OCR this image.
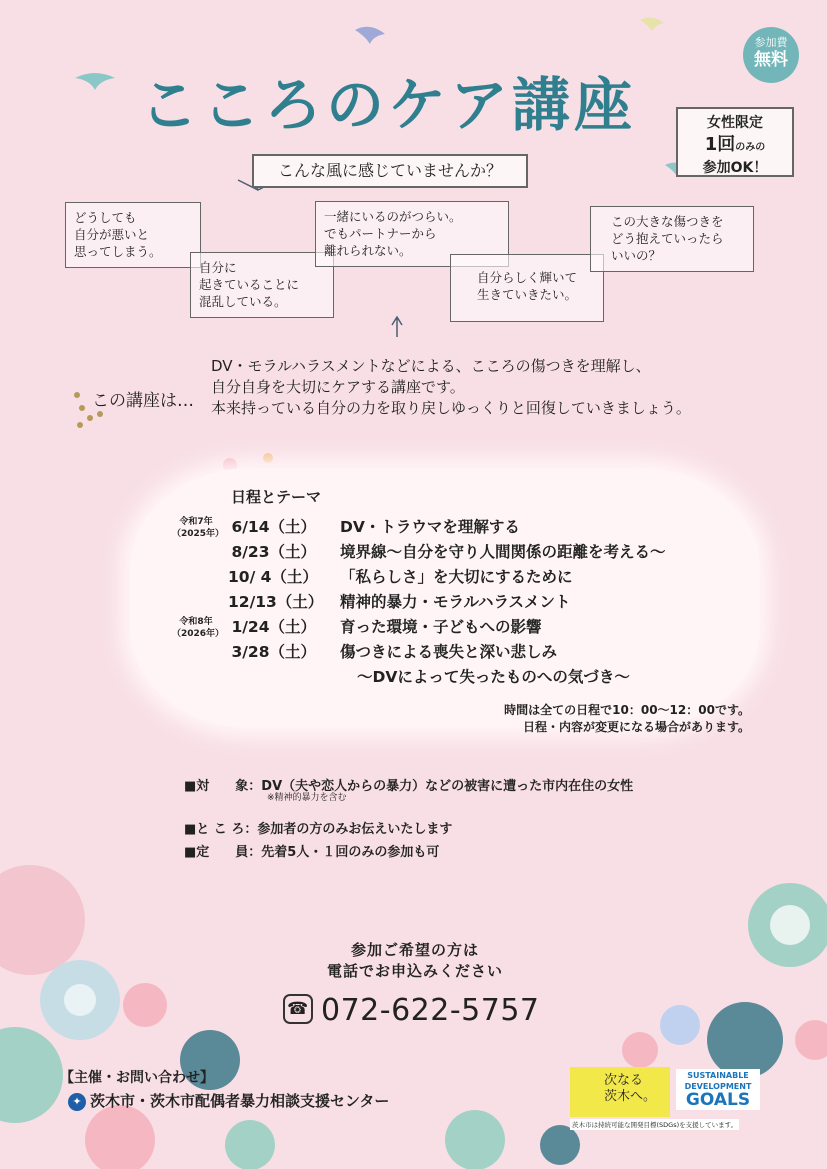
こころのケア講座
参加費
無料
女性限定
1回のみの
参加OK！
こんな風に感じていませんか？
どうしても
自分が悪いと
思ってしまう。
自分に
起きていることに
混乱している。
一緒にいるのがつらい。
でもパートナーから
離れられない。
自分らしく輝いて
生きていきたい。
この大きな傷つきを
どう抱えていったら
いいの？
この講座は…
DV・モラルハラスメントなどによる、こころの傷つきを理解し、
自分自身を大切にケアする講座です。
本来持っている自分の力を取り戻しゆっくりと回復していきましょう。
日程とテーマ
令和7年
（2025年）
令和8年
（2026年）
6/14（土） DV・トラウマを理解する
8/23（土） 境界線～自分を守り人間関係の距離を考える～
10/ 4（土） 「私らしさ」を大切にするために
12/13（土） 精神的暴力・モラルハラスメント
1/24（土） 育った環境・子どもへの影響
3/28（土） 傷つきによる喪失と深い悲しみ
～DVによって失ったものへの気づき～
時間は全ての日程で10：00～12：00です。
日程・内容が変更になる場合があります。
■対　　象：DV（夫や恋人からの暴力）などの被害に遭った市内在住の女性
※精神的暴力を含む
■と こ ろ：参加者の方のみお伝えいたします
■定　　員：先着5人・１回のみの参加も可
参加ご希望の方は
電話でお申込みください
☎ 072-622-5757
【主催・お問い合わせ】
✦ 茨木市・茨木市配偶者暴力相談支援センター
次なる
茨木へ。
SUSTAINABLE
DEVELOPMENT
GOALS
茨木市は持続可能な開発目標(SDGs)を支援しています。
